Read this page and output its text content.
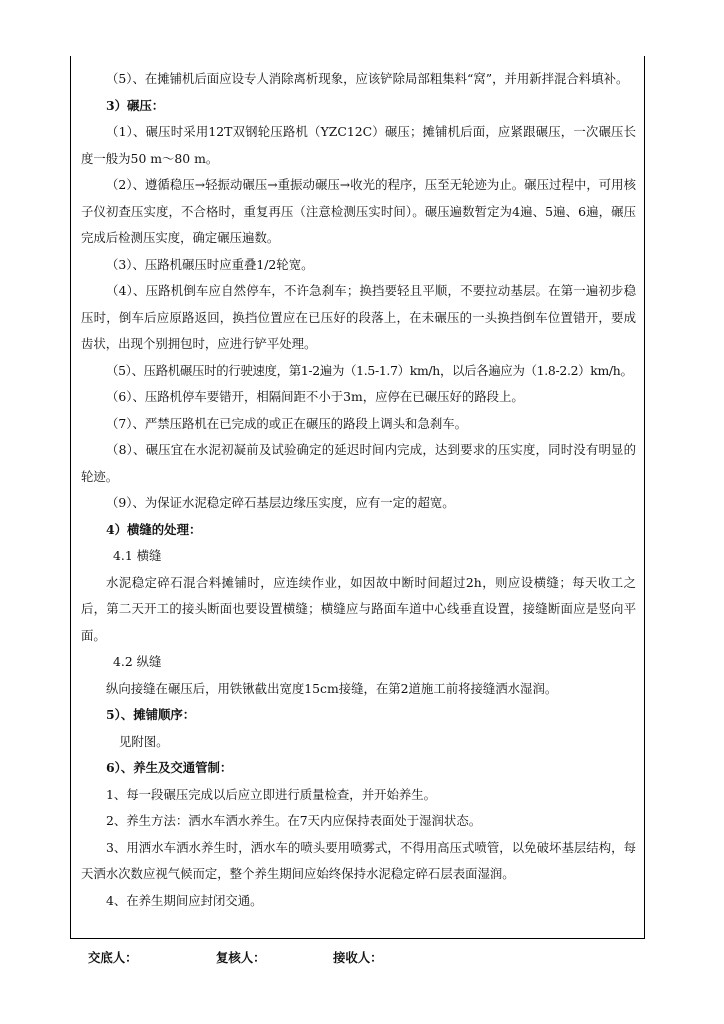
（5）、在摊铺机后面应设专人消除离析现象，应该铲除局部粗集料“窝”，并用新拌混合料填补。

3）碾压：

（1）、碾压时采用12T双钢轮压路机（YZC12C）碾压；摊铺机后面，应紧跟碾压，一次碾压长度一般为50 m～80 m。

（2）、遵循稳压→轻振动碾压→重振动碾压→收光的程序，压至无轮迹为止。碾压过程中，可用核子仪初查压实度，不合格时，重复再压（注意检测压实时间）。碾压遍数暂定为4遍、5遍、6遍，碾压完成后检测压实度，确定碾压遍数。

（3）、压路机碾压时应重叠1/2轮宽。

（4）、压路机倒车应自然停车，不许急刹车；换挡要轻且平顺，不要拉动基层。在第一遍初步稳压时，倒车后应原路返回，换挡位置应在已压好的段落上，在未碾压的一头换挡倒车位置错开，要成齿状，出现个别拥包时，应进行铲平处理。

（5）、压路机碾压时的行驶速度，第1-2遍为（1.5-1.7）km/h，以后各遍应为（1.8-2.2）km/h。

（6）、压路机停车要错开，相隔间距不小于3m，应停在已碾压好的路段上。

（7）、严禁压路机在已完成的或正在碾压的路段上调头和急刹车。

（8）、碾压宜在水泥初凝前及试验确定的延迟时间内完成，达到要求的压实度，同时没有明显的轮迹。

（9）、为保证水泥稳定碎石基层边缘压实度，应有一定的超宽。

4）横缝的处理：

4.1 横缝

水泥稳定碎石混合料摊铺时，应连续作业，如因故中断时间超过2h，则应设横缝；每天收工之后，第二天开工的接头断面也要设置横缝；横缝应与路面车道中心线垂直设置，接缝断面应是竖向平面。

4.2 纵缝

纵向接缝在碾压后，用铁锹截出宽度15cm接缝，在第2道施工前将接缝洒水湿润。

5）、摊铺顺序：

见附图。

6）、养生及交通管制：

1、每一段碾压完成以后应立即进行质量检查，并开始养生。

2、养生方法：洒水车洒水养生。在7天内应保持表面处于湿润状态。

3、用洒水车洒水养生时，洒水车的喷头要用喷雾式，不得用高压式喷管，以免破坏基层结构，每天洒水次数应视气候而定，整个养生期间应始终保持水泥稳定碎石层表面湿润。

4、在养生期间应封闭交通。

交底人：	复核人：	接收人：
